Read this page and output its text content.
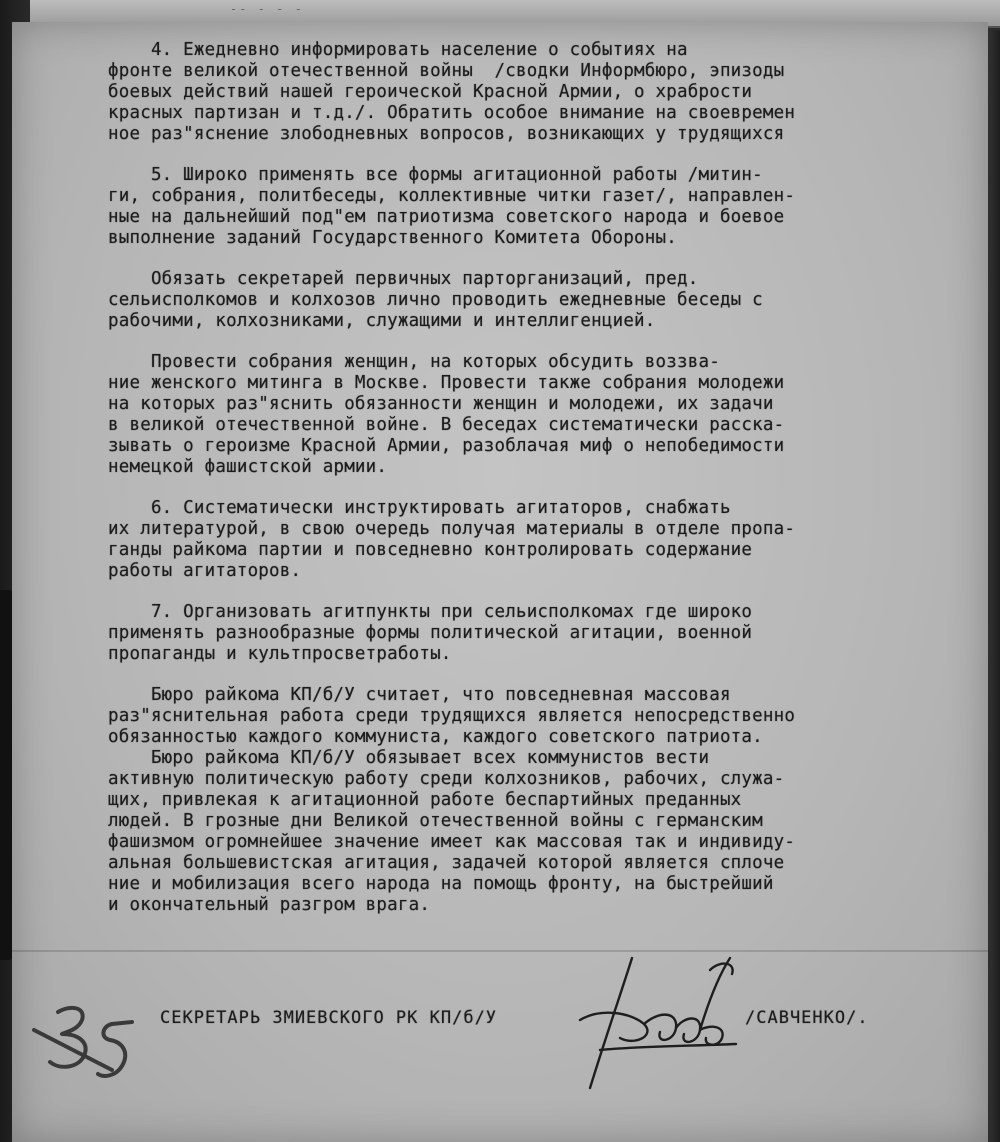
-- - - -

4. Ежедневно информировать население о событиях на

фронте великой отечественной войны  /сводки Информбюро, эпизоды

боевых действий нашей героической Красной Армии, о храбрости

красных партизан и т.д./. Обратить особое внимание на своевремен

ное раз"яснение злободневных вопросов, возникающих у трудящихся

5. Широко применять все формы агитационной работы /митин-

ги, собрания, политбеседы, коллективные читки газет/, направлен-

ные на дальнейший под"ем патриотизма советского народа и боевое

выполнение заданий Государственного Комитета Обороны.

Обязать секретарей первичных парторганизаций, пред.

сельисполкомов и колхозов лично проводить ежедневные беседы с

рабочими, колхозниками, служащими и интеллигенцией.

Провести собрания женщин, на которых обсудить воззва-

ние женского митинга в Москве. Провести также собрания молодежи

на которых раз"яснить обязанности женщин и молодежи, их задачи

в великой отечественной войне. В беседах систематически расска-

зывать о героизме Красной Армии, разоблачая миф о непобедимости

немецкой фашистской армии.

6. Систематически инструктировать агитаторов, снабжать

их литературой, в свою очередь получая материалы в отделе пропа-

ганды райкома партии и повседневно контролировать содержание

работы агитаторов.

7. Организовать агитпункты при сельисполкомах где широко

применять разнообразные формы политической агитации, военной

пропаганды и культпросветработы.

Бюро райкома КП/б/У считает, что повседневная массовая

раз"яснительная работа среди трудящихся является непосредственно

обязанностью каждого коммуниста, каждого советского патриота.

Бюро райкома КП/б/У обязывает всех коммунистов вести

активную политическую работу среди колхозников, рабочих, служа-

щих, привлекая к агитационной работе беспартийных преданных

людей. В грозные дни Великой отечественной войны с германским

фашизмом огромнейшее значение имеет как массовая так и индивиду-

альная большевистская агитация, задачей которой является сплоче

ние и мобилизация всего народа на помощь фронту, на быстрейший

и окончательный разгром врага.

СЕКРЕТАРЬ ЗМИЕВСКОГО РК КП/б/У

	/САВЧЕНКО/.
